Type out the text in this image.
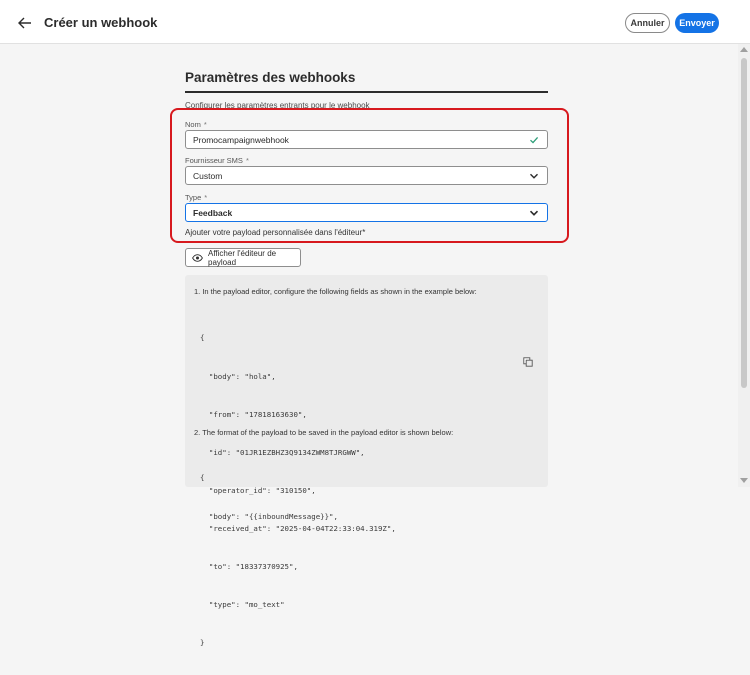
Créer un webhook	Annuler	Envoyer
Paramètres des webhooks
Configurer les paramètres entrants pour le webhook
Nom *
Promocampaignwebhook
Fournisseur SMS *
Custom
Type *
Feedback
Ajouter votre payload personnalisée dans l'éditeur*
Afficher l'éditeur de payload
1. In the payload editor, configure the following fields as shown in the example below:

{

"body": "hola",

"from": "17818163630",

"id": "01JR1EZBHZ3Q9134ZWM8TJRGWW",

"operator_id": "310150",

"received_at": "2025-04-04T22:33:04.319Z",

"to": "18337370925",

"type": "mo_text"

}

2. The format of the payload to be saved in the payload editor is shown below:

{

"body": "{{inboundMessage}}",
